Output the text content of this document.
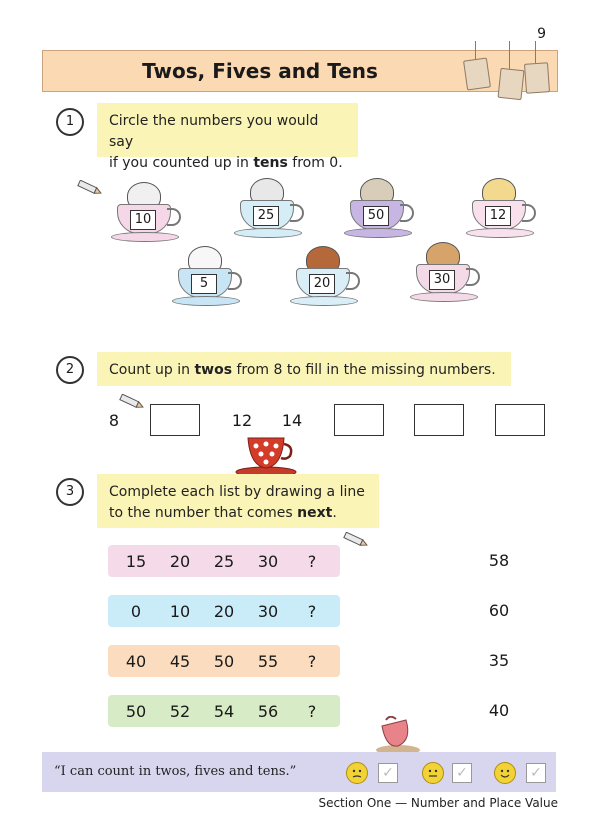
9
Twos, Fives and Tens
1	Circle the numbers you would say
if you counted up in tens from 0.
10	25	50	12
5	20	30
2	Count up in twos from 8 to fill in the missing numbers.
8	12	14
3	Complete each list by drawing a line
to the number that comes next.
15	20	25	30	?
0	10	20	30	?
40	45	50	55	?
50	52	54	56	?
58
60
35
40
“I can count in twos, fives and tens.”	✓	✓	✓
Section One — Number and Place Value
